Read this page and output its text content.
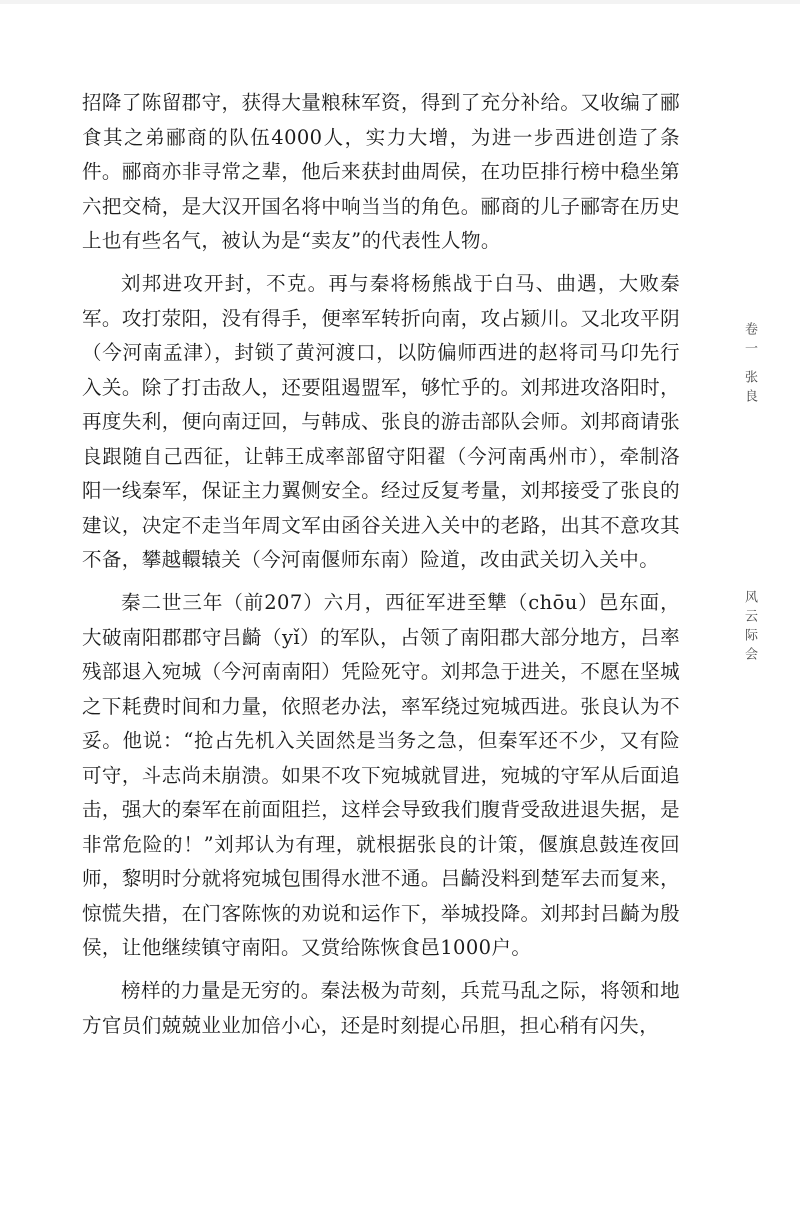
招降了陈留郡守，获得大量粮秣军资，得到了充分补给。又收编了郦食其之弟郦商的队伍4000人，实力大增，为进一步西进创造了条件。郦商亦非寻常之辈，他后来获封曲周侯，在功臣排行榜中稳坐第六把交椅，是大汉开国名将中响当当的角色。郦商的儿子郦寄在历史上也有些名气，被认为是“卖友”的代表性人物。

刘邦进攻开封，不克。再与秦将杨熊战于白马、曲遇，大败秦军。攻打荥阳，没有得手，便率军转折向南，攻占颍川。又北攻平阴（今河南孟津），封锁了黄河渡口，以防偏师西进的赵将司马卬先行入关。除了打击敌人，还要阻遏盟军，够忙乎的。刘邦进攻洛阳时，再度失利，便向南迂回，与韩成、张良的游击部队会师。刘邦商请张良跟随自己西征，让韩王成率部留守阳翟（今河南禹州市），牵制洛阳一线秦军，保证主力翼侧安全。经过反复考量，刘邦接受了张良的建议，决定不走当年周文军由函谷关进入关中的老路，出其不意攻其不备，攀越轘辕关（今河南偃师东南）险道，改由武关切入关中。

秦二世三年（前207）六月，西征军进至犨（chōu）邑东面，大破南阳郡郡守吕齮（yǐ）的军队，占领了南阳郡大部分地方，吕率残部退入宛城（今河南南阳）凭险死守。刘邦急于进关，不愿在坚城之下耗费时间和力量，依照老办法，率军绕过宛城西进。张良认为不妥。他说：“抢占先机入关固然是当务之急，但秦军还不少，又有险可守，斗志尚未崩溃。如果不攻下宛城就冒进，宛城的守军从后面追击，强大的秦军在前面阻拦，这样会导致我们腹背受敌进退失据，是非常危险的！”刘邦认为有理，就根据张良的计策，偃旗息鼓连夜回师，黎明时分就将宛城包围得水泄不通。吕齮没料到楚军去而复来，惊慌失措，在门客陈恢的劝说和运作下，举城投降。刘邦封吕齮为殷侯，让他继续镇守南阳。又赏给陈恢食邑1000户。

榜样的力量是无穷的。秦法极为苛刻，兵荒马乱之际，将领和地方官员们兢兢业业加倍小心，还是时刻提心吊胆，担心稍有闪失，

卷一 张良
风云际会
